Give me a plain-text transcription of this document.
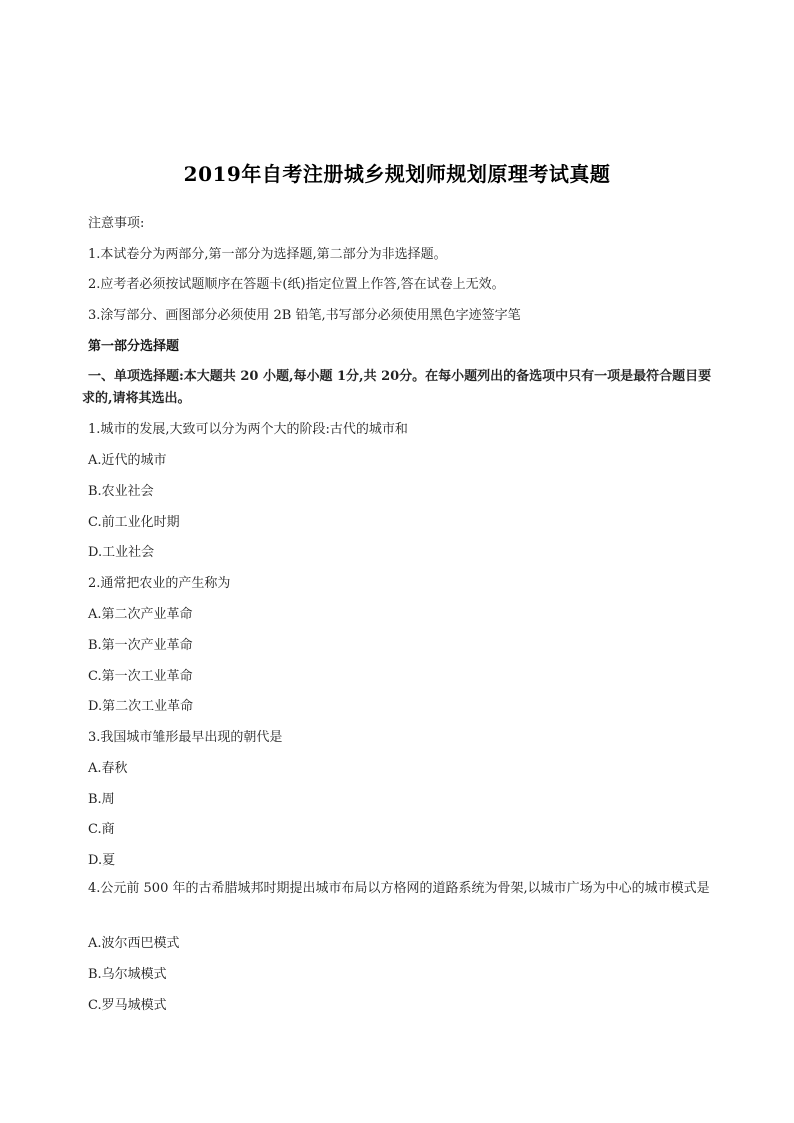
2019年自考注册城乡规划师规划原理考试真题
注意事项:
1.本试卷分为两部分,第一部分为选择题,第二部分为非选择题。
2.应考者必须按试题顺序在答题卡(纸)指定位置上作答,答在试卷上无效。
3.涂写部分、画图部分必须使用 2B 铅笔,书写部分必须使用黑色字迹签字笔
第一部分选择题
一、单项选择题:本大题共 20 小题,每小题 1分,共 20分。在每小题列出的备选项中只有一项是最符合题目要求的,请将其选出。
1.城市的发展,大致可以分为两个大的阶段:古代的城市和
A.近代的城市
B.农业社会
C.前工业化时期
D.工业社会
2.通常把农业的产生称为
A.第二次产业革命
B.第一次产业革命
C.第一次工业革命
D.第二次工业革命
3.我国城市雏形最早出现的朝代是
A.春秋
B.周
C.商
D.夏
4.公元前 500 年的古希腊城邦时期提出城市布局以方格网的道路系统为骨架,以城市广场为中心的城市模式是
A.波尔西巴模式
B.乌尔城模式
C.罗马城模式
